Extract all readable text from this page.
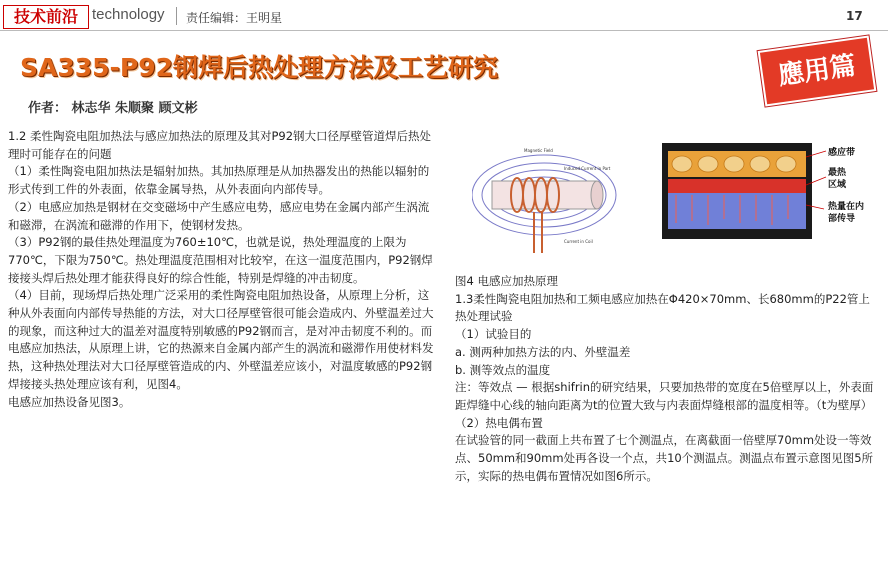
技术前沿 technology 责任编辑：王明星	17
SA335-P92钢焊后热处理方法及工艺研究	應用篇
作者： 林志华 朱顺聚 顾文彬

1.2 柔性陶瓷电阻加热法与感应加热法的原理及其对P92钢大口径厚壁管道焊后热处理时可能存在的问题

（1）柔性陶瓷电阻加热法是辐射加热。其加热原理是从加热器发出的热能以辐射的形式传到工件的外表面，依靠金属导热，从外表面向内部传导。

（2）电感应加热是钢材在交变磁场中产生感应电势，感应电势在金属内部产生涡流和磁滞，在涡流和磁滞的作用下，使钢材发热。

（3）P92钢的最佳热处理温度为760±10℃，也就是说，热处理温度的上限为770℃，下限为750℃。热处理温度范围相对比较窄，在这一温度范围内，P92钢焊接接头焊后热处理才能获得良好的综合性能，特别是焊缝的冲击韧度。

（4）目前，现场焊后热处理广泛采用的柔性陶瓷电阻加热设备，从原理上分析，这种从外表面向内部传导热能的方法，对大口径厚壁管很可能会造成内、外壁温差过大的现象，而这种过大的温差对温度特别敏感的P92钢而言，是对冲击韧度不利的。而电感应加热法，从原理上讲，它的热源来自金属内部产生的涡流和磁滞作用使材料发热，这种热处理法对大口径厚壁管造成的内、外壁温差应该小，对温度敏感的P92钢焊接接头热处理应该有利，见图4。

电感应加热设备见图3。

Magnetic Field
Induced Current in Part
Current in Coil
感应带
最热
区域
热量在内
部传导

图4 电感应加热原理

1.3柔性陶瓷电阻加热和工频电感应加热在Φ420×70mm、长680mm的P22管上热处理试验

（1）试验目的

a. 测两种加热方法的内、外壁温差

b. 测等效点的温度

注：等效点 — 根据shifrin的研究结果，只要加热带的宽度在5倍壁厚以上，外表面距焊缝中心线的轴向距离为t的位置大致与内表面焊缝根部的温度相等。（t为壁厚）

（2）热电偶布置

在试验管的同一截面上共布置了七个测温点，在离截面一倍壁厚70mm处设一等效点、50mm和90mm处再各设一个点，共10个测温点。测温点布置示意图见图5所示，实际的热电偶布置情况如图6所示。
